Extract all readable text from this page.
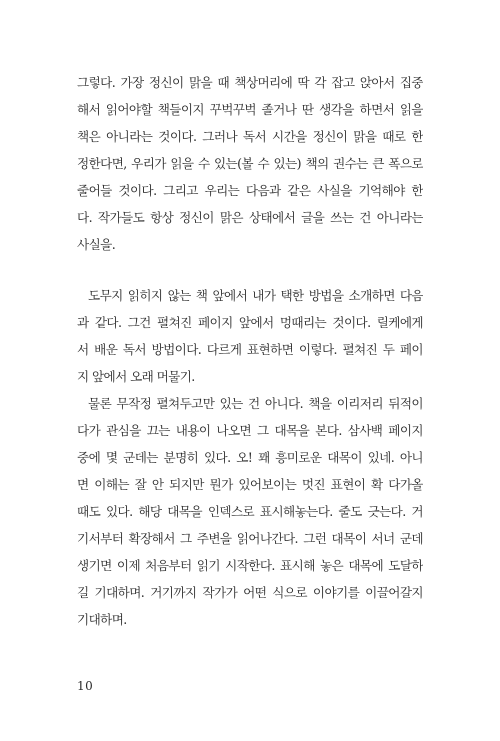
그렇다. 가장 정신이 맑을 때 책상머리에 딱 각 잡고 앉아서 집중
해서 읽어야할 책들이지 꾸벅꾸벅 졸거나 딴 생각을 하면서 읽을
책은 아니라는 것이다. 그러나 독서 시간을 정신이 맑을 때로 한
정한다면, 우리가 읽을 수 있는(볼 수 있는) 책의 권수는 큰 폭으로
줄어들 것이다. 그리고 우리는 다음과 같은 사실을 기억해야 한
다. 작가들도 항상 정신이 맑은 상태에서 글을 쓰는 건 아니라는
사실을.
도무지 읽히지 않는 책 앞에서 내가 택한 방법을 소개하면 다음
과 같다. 그건 펼쳐진 페이지 앞에서 멍때리는 것이다. 릴케에게
서 배운 독서 방법이다. 다르게 표현하면 이렇다. 펼쳐진 두 페이
지 앞에서 오래 머물기.
물론 무작정 펼쳐두고만 있는 건 아니다. 책을 이리저리 뒤적이
다가 관심을 끄는 내용이 나오면 그 대목을 본다. 삼사백 페이지
중에 몇 군데는 분명히 있다. 오! 꽤 흥미로운 대목이 있네. 아니
면 이해는 잘 안 되지만 뭔가 있어보이는 멋진 표현이 확 다가올
때도 있다. 해당 대목을 인덱스로 표시해놓는다. 줄도 긋는다. 거
기서부터 확장해서 그 주변을 읽어나간다. 그런 대목이 서너 군데
생기면 이제 처음부터 읽기 시작한다. 표시해 놓은 대목에 도달하
길 기대하며. 거기까지 작가가 어떤 식으로 이야기를 이끌어갈지
기대하며.
10
